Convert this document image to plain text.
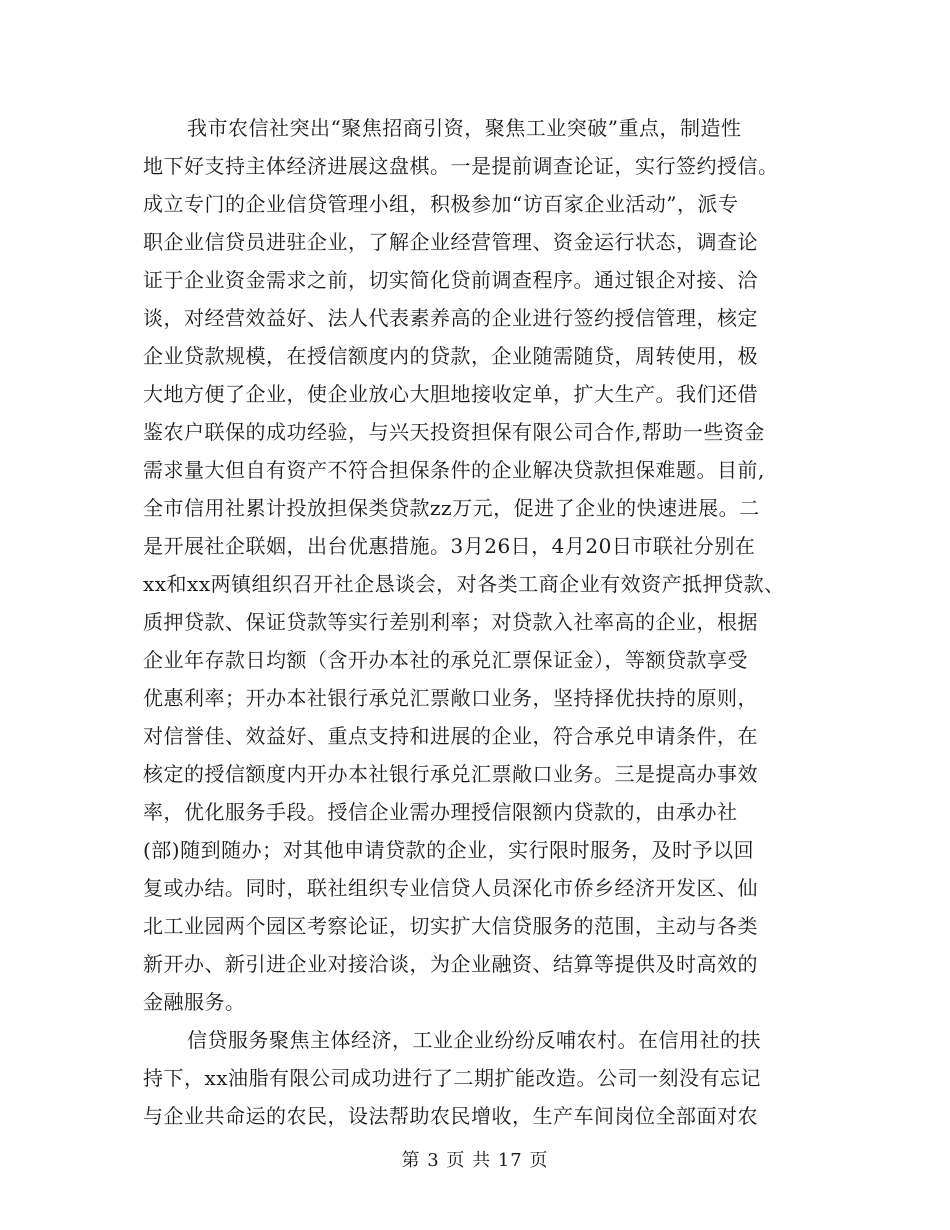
我市农信社突出“聚焦招商引资，聚焦工业突破”重点，制造性
地下好支持主体经济进展这盘棋。一是提前调查论证，实行签约授信。
成立专门的企业信贷管理小组，积极参加“访百家企业活动”，派专
职企业信贷员进驻企业，了解企业经营管理、资金运行状态，调查论
证于企业资金需求之前，切实简化贷前调查程序。通过银企对接、洽
谈，对经营效益好、法人代表素养高的企业进行签约授信管理，核定
企业贷款规模，在授信额度内的贷款，企业随需随贷，周转使用，极
大地方便了企业，使企业放心大胆地接收定单，扩大生产。我们还借
鉴农户联保的成功经验，与兴天投资担保有限公司合作,帮助一些资金
需求量大但自有资产不符合担保条件的企业解决贷款担保难题。目前,
全市信用社累计投放担保类贷款zz万元，促进了企业的快速进展。二
是开展社企联姻，出台优惠措施。3月26日，4月20日市联社分别在
xx和xx两镇组织召开社企恳谈会，对各类工商企业有效资产抵押贷款、
质押贷款、保证贷款等实行差别利率；对贷款入社率高的企业，根据
企业年存款日均额（含开办本社的承兑汇票保证金），等额贷款享受
优惠利率；开办本社银行承兑汇票敞口业务，坚持择优扶持的原则，
对信誉佳、效益好、重点支持和进展的企业，符合承兑申请条件，在
核定的授信额度内开办本社银行承兑汇票敞口业务。三是提高办事效
率，优化服务手段。授信企业需办理授信限额内贷款的，由承办社
(部)随到随办；对其他申请贷款的企业，实行限时服务，及时予以回
复或办结。同时，联社组织专业信贷人员深化市侨乡经济开发区、仙
北工业园两个园区考察论证，切实扩大信贷服务的范围，主动与各类
新开办、新引进企业对接洽谈，为企业融资、结算等提供及时高效的
金融服务。
信贷服务聚焦主体经济，工业企业纷纷反哺农村。在信用社的扶
持下，xx油脂有限公司成功进行了二期扩能改造。公司一刻没有忘记
与企业共命运的农民，设法帮助农民增收，生产车间岗位全部面对农
第 3 页 共 17 页
